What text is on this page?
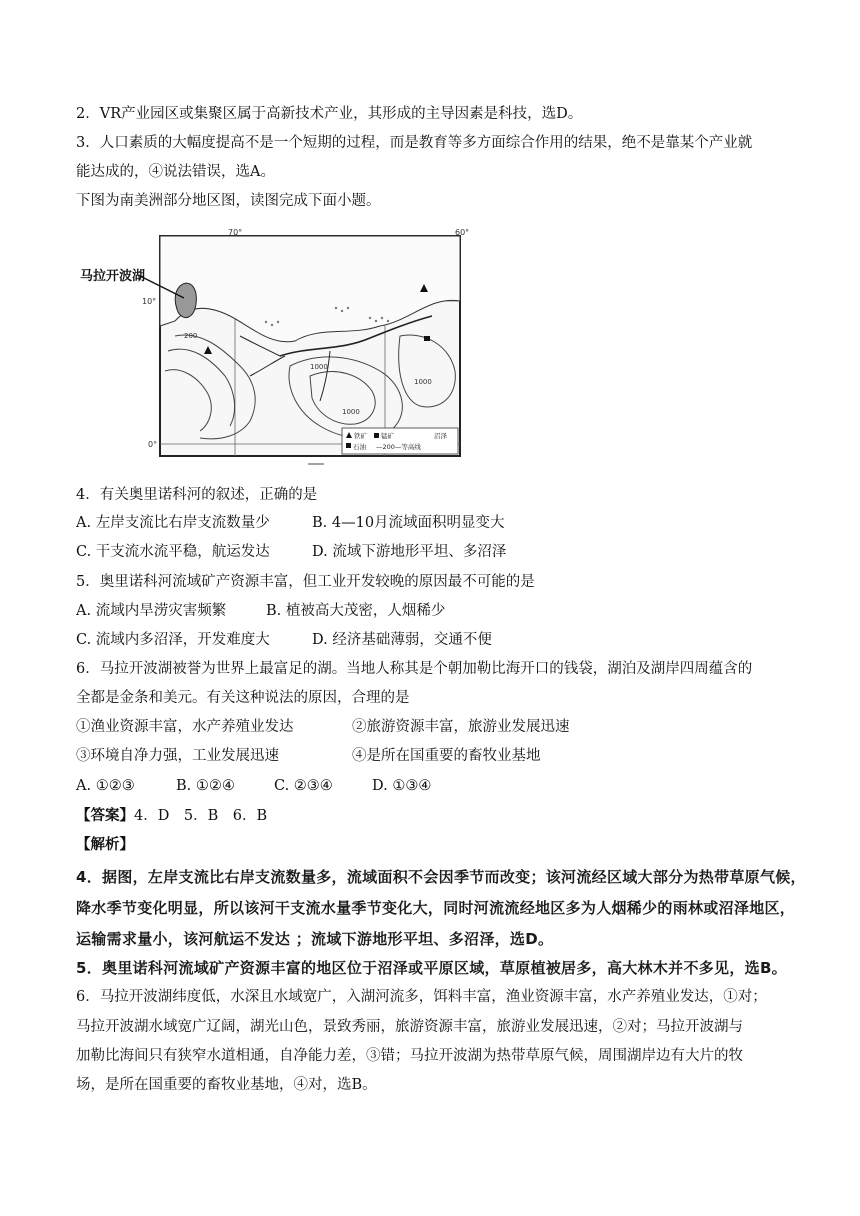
2．VR产业园区或集聚区属于高新技术产业，其形成的主导因素是科技，选D。
3．人口素质的大幅度提高不是一个短期的过程，而是教育等多方面综合作用的结果，绝不是靠某个产业就
能达成的，④说法错误，选A。
下图为南美洲部分地区图，读图完成下面小题。
马拉开波湖
70°	60°
10°
0°
200
1000
1000
1000
铁矿 锰矿	沼泽
石油 —200—等高线
4．有关奥里诺科河的叙述，正确的是
A. 左岸支流比右岸支流数量少	B. 4—10月流域面积明显变大
C. 干支流水流平稳，航运发达	D. 流域下游地形平坦、多沼泽
5．奥里诺科河流域矿产资源丰富，但工业开发较晚的原因最不可能的是
A. 流域内旱涝灾害频繁	B. 植被高大茂密，人烟稀少
C. 流域内多沼泽，开发难度大	D. 经济基础薄弱，交通不便
6．马拉开波湖被誉为世界上最富足的湖。当地人称其是个朝加勒比海开口的钱袋，湖泊及湖岸四周蕴含的
全都是金条和美元。有关这种说法的原因，合理的是
①渔业资源丰富，水产养殖业发达	②旅游资源丰富，旅游业发展迅速
③环境自净力强，工业发展迅速	④是所在国重要的畜牧业基地
A. ①②③	B. ①②④	C. ②③④	D. ①③④
【答案】4．D　5．B　6．B
【解析】
4．据图，左岸支流比右岸支流数量多，流域面积不会因季节而改变；该河流经区域大部分为热带草原气候，
降水季节变化明显，所以该河干支流水量季节变化大，同时河流流经地区多为人烟稀少的雨林或沼泽地区，
运输需求量小，该河航运不发达 ；流域下游地形平坦、多沼泽，选D。
5．奥里诺科河流域矿产资源丰富的地区位于沼泽或平原区域，草原植被居多，高大林木并不多见，选B。
6．马拉开波湖纬度低，水深且水域宽广，入湖河流多，饵料丰富，渔业资源丰富，水产养殖业发达，①对；
马拉开波湖水域宽广辽阔，湖光山色，景致秀丽，旅游资源丰富，旅游业发展迅速，②对；马拉开波湖与
加勒比海间只有狭窄水道相通，自净能力差，③错；马拉开波湖为热带草原气候，周围湖岸边有大片的牧
场，是所在国重要的畜牧业基地，④对，选B。
